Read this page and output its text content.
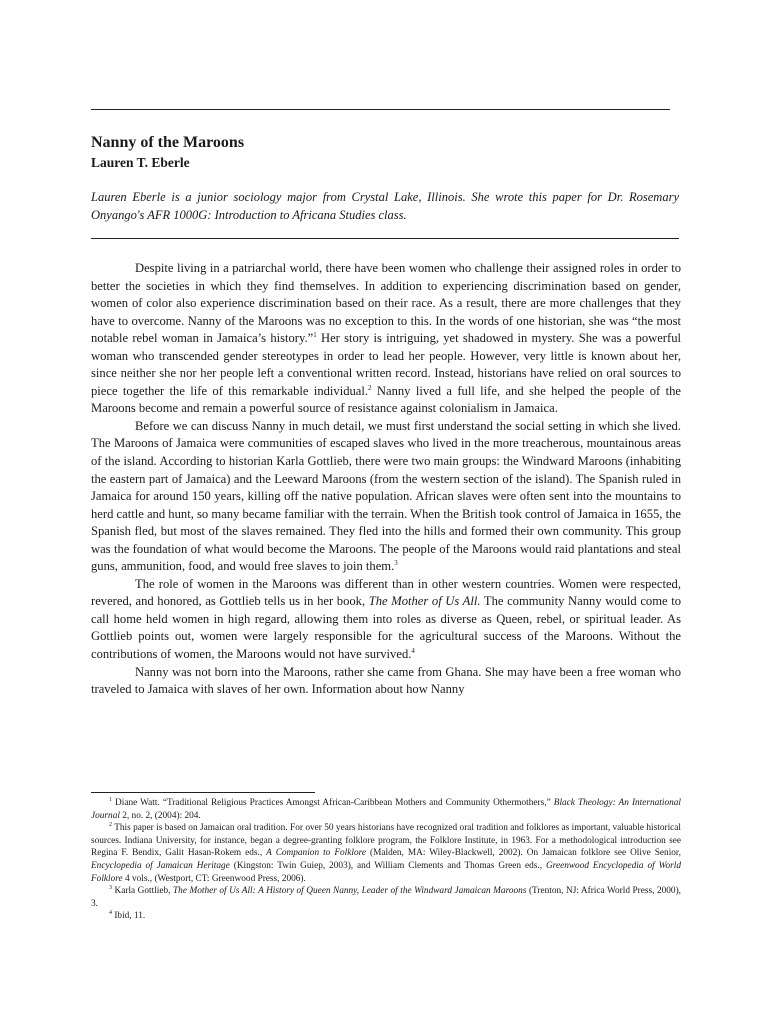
Nanny of the Maroons
Lauren T. Eberle

Lauren Eberle is a junior sociology major from Crystal Lake, Illinois. She wrote this paper for Dr. Rosemary Onyango's AFR 1000G: Introduction to Africana Studies class.

Despite living in a patriarchal world, there have been women who challenge their assigned roles in order to better the societies in which they find themselves. In addition to experiencing discrimination based on gender, women of color also experience discrimination based on their race. As a result, there are more challenges that they have to overcome. Nanny of the Maroons was no exception to this. In the words of one historian, she was “the most notable rebel woman in Jamaica’s history.”$^1$ Her story is intriguing, yet shadowed in mystery. She was a powerful woman who transcended gender stereotypes in order to lead her people. However, very little is known about her, since neither she nor her people left a conventional written record. Instead, historians have relied on oral sources to piece together the life of this remarkable individual.$^2$ Nanny lived a full life, and she helped the people of the Maroons become and remain a powerful source of resistance against colonialism in Jamaica.

Before we can discuss Nanny in much detail, we must first understand the social setting in which she lived. The Maroons of Jamaica were communities of escaped slaves who lived in the more treacherous, mountainous areas of the island. According to historian Karla Gottlieb, there were two main groups: the Windward Maroons (inhabiting the eastern part of Jamaica) and the Leeward Maroons (from the western section of the island). The Spanish ruled in Jamaica for around 150 years, killing off the native population. African slaves were often sent into the mountains to herd cattle and hunt, so many became familiar with the terrain. When the British took control of Jamaica in 1655, the Spanish fled, but most of the slaves remained. They fled into the hills and formed their own community. This group was the foundation of what would become the Maroons. The people of the Maroons would raid plantations and steal guns, ammunition, food, and would free slaves to join them.$^3$

The role of women in the Maroons was different than in other western countries. Women were respected, revered, and honored, as Gottlieb tells us in her book, The Mother of Us All. The community Nanny would come to call home held women in high regard, allowing them into roles as diverse as Queen, rebel, or spiritual leader. As Gottlieb points out, women were largely responsible for the agricultural success of the Maroons. Without the contributions of women, the Maroons would not have survived.$^4$

Nanny was not born into the Maroons, rather she came from Ghana. She may have been a free woman who traveled to Jamaica with slaves of her own. Information about how Nanny

$^1$ Diane Watt. “Traditional Religious Practices Amongst African-Caribbean Mothers and Community Othermothers,” Black Theology: An International Journal 2, no. 2, (2004): 204.

$^2$ This paper is based on Jamaican oral tradition. For over 50 years historians have recognized oral tradition and folklores as important, valuable historical sources. Indiana University, for instance, began a degree-granting folklore program, the Folklore Institute, in 1963. For a methodological introduction see Regina F. Bendix, Galit Hasan-Rokem eds., A Companion to Folklore (Malden, MA: Wiley-Blackwell, 2002). On Jamaican folklore see Olive Senior, Encyclopedia of Jamaican Heritage (Kingston: Twin Guiep, 2003), and William Clements and Thomas Green eds., Greenwood Encyclopedia of World Folklore 4 vols., (Westport, CT: Greenwood Press, 2006).

$^3$ Karla Gottlieb, The Mother of Us All: A History of Queen Nanny, Leader of the Windward Jamaican Maroons (Trenton, NJ: Africa World Press, 2000), 3.

$^4$ Ibid, 11.
